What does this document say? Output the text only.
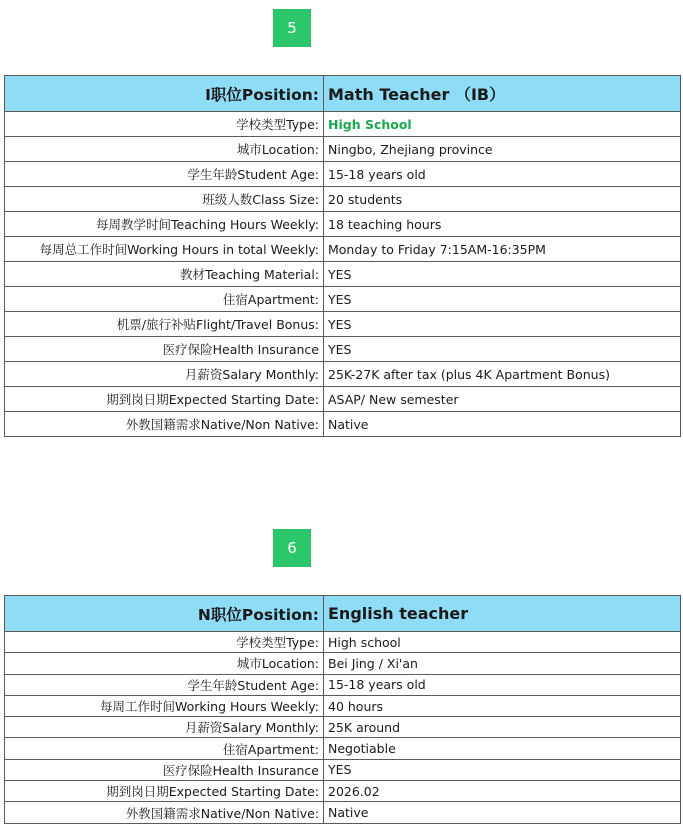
5
I职位Position:	Math Teacher （IB）
学校类型Type:	High School
城市Location:	Ningbo, Zhejiang province
学生年龄Student Age:	15-18 years old
班级人数Class Size:	20 students
每周教学时间Teaching Hours Weekly:	18 teaching hours
每周总工作时间Working Hours in total Weekly:	Monday to Friday 7:15AM-16:35PM
教材Teaching Material:	YES
住宿Apartment:	YES
机票/旅行补贴Flight/Travel Bonus:	YES
医疗保险Health Insurance	YES
月薪资Salary Monthly:	25K-27K after tax (plus 4K Apartment Bonus)
期到岗日期Expected Starting Date:	ASAP/ New semester
外教国籍需求Native/Non Native:	Native
6
N职位Position:	English teacher
学校类型Type:	High school
城市Location:	Bei Jing / Xi'an
学生年龄Student Age:	15-18 years old
每周工作时间Working Hours Weekly:	40 hours
月薪资Salary Monthly:	25K around
住宿Apartment:	Negotiable
医疗保险Health Insurance	YES
期到岗日期Expected Starting Date:	2026.02
外教国籍需求Native/Non Native:	Native
